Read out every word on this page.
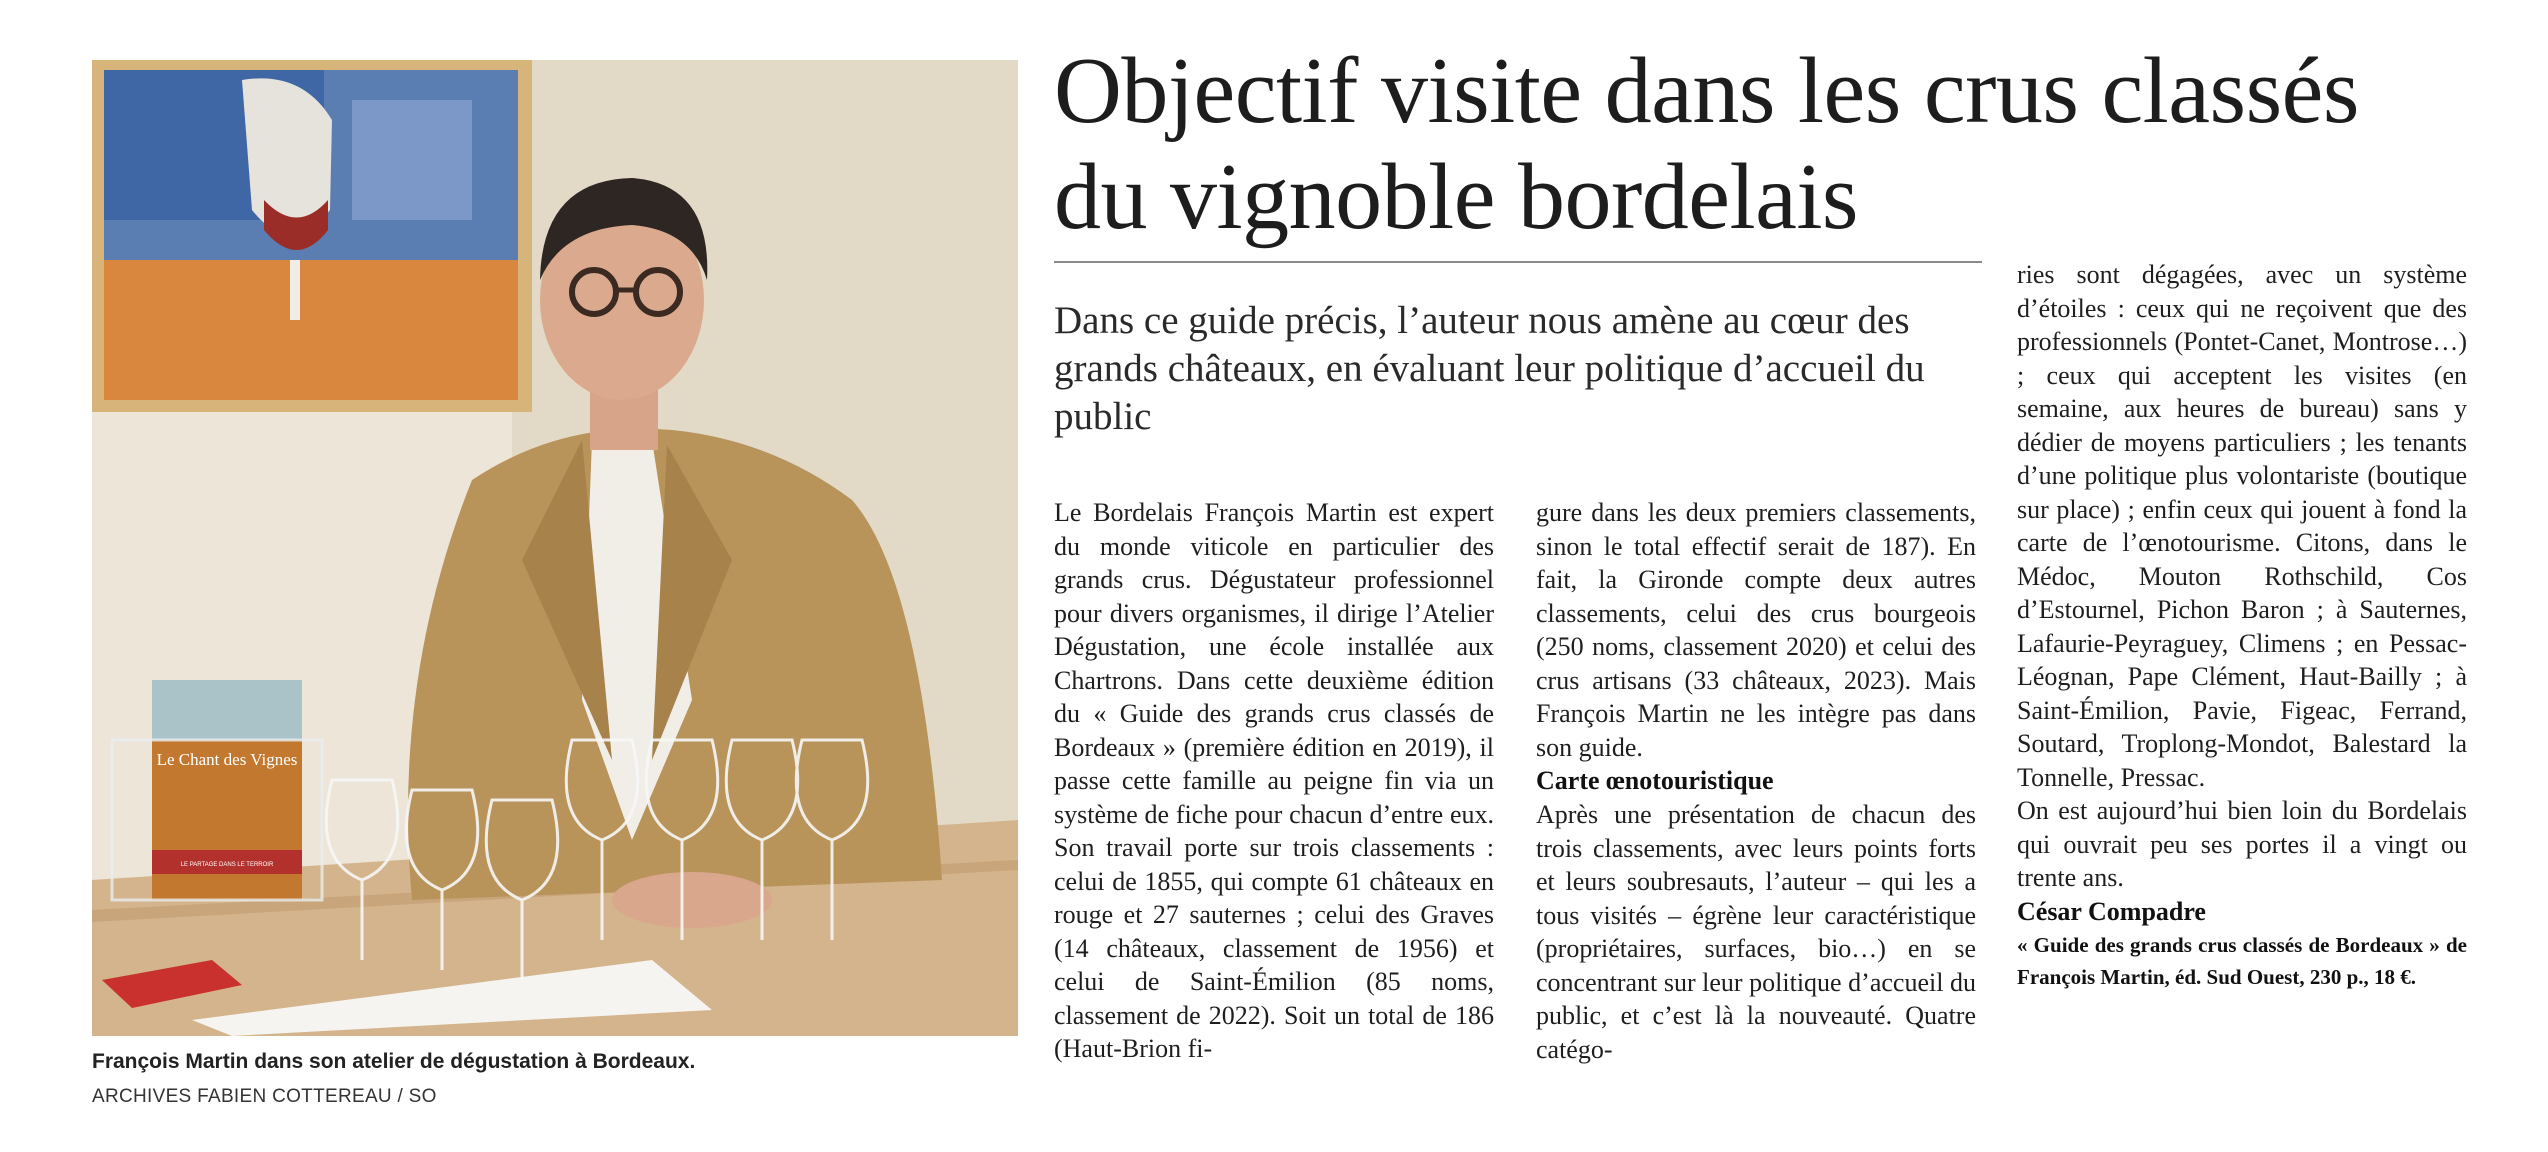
Le Chant des Vignes
LE PARTAGE DANS LE TERROIR
François Martin dans son atelier de dégustation à Bordeaux.
ARCHIVES FABIEN COTTEREAU / SO
Objectif visite dans les crus classés
du vignoble bordelais

Dans ce guide précis, l’auteur nous amène au cœur des grands châteaux, en évaluant leur politique d’accueil du public

Le Bordelais François Martin est expert du monde viticole en particulier des grands crus. Dégustateur professionnel pour divers organismes, il dirige l’Atelier Dégustation, une école installée aux Chartrons. Dans cette deuxième édition du « Guide des grands crus classés de Bordeaux » (première édition en 2019), il passe cette famille au peigne fin via un système de fiche pour chacun d’entre eux. Son travail porte sur trois classements : celui de 1855, qui compte 61 châteaux en rouge et 27 sauternes ; celui des Graves (14 châteaux, classement de 1956) et celui de Saint-Émilion (85 noms, classement de 2022). Soit un total de 186 (Haut-Brion fi-

gure dans les deux premiers classements, sinon le total effectif serait de 187). En fait, la Gironde compte deux autres classements, celui des crus bourgeois (250 noms, classement 2020) et celui des crus artisans (33 châteaux, 2023). Mais François Martin ne les intègre pas dans son guide.

Carte œnotouristique

Après une présentation de chacun des trois classements, avec leurs points forts et leurs soubresauts, l’auteur – qui les a tous visités – égrène leur caractéristique (propriétaires, surfaces, bio…) en se concentrant sur leur politique d’accueil du public, et c’est là la nouveauté. Quatre catégo-

ries sont dégagées, avec un système d’étoiles : ceux qui ne reçoivent que des professionnels (Pontet-Canet, Montrose…) ; ceux qui acceptent les visites (en semaine, aux heures de bureau) sans y dédier de moyens particuliers ; les tenants d’une politique plus volontariste (boutique sur place) ; enfin ceux qui jouent à fond la carte de l’œnotourisme. Citons, dans le Médoc, Mouton Rothschild, Cos d’Estournel, Pichon Baron ; à Sauternes, Lafaurie-Peyraguey, Climens ; en Pessac-Léognan, Pape Clément, Haut-Bailly ; à Saint-Émilion, Pavie, Figeac, Ferrand, Soutard, Troplong-Mondot, Balestard la Tonnelle, Pressac.

On est aujourd’hui bien loin du Bordelais qui ouvrait peu ses portes il a vingt ou trente ans.

César Compadre

« Guide des grands crus classés de Bordeaux » de François Martin, éd. Sud Ouest, 230 p., 18 €.
